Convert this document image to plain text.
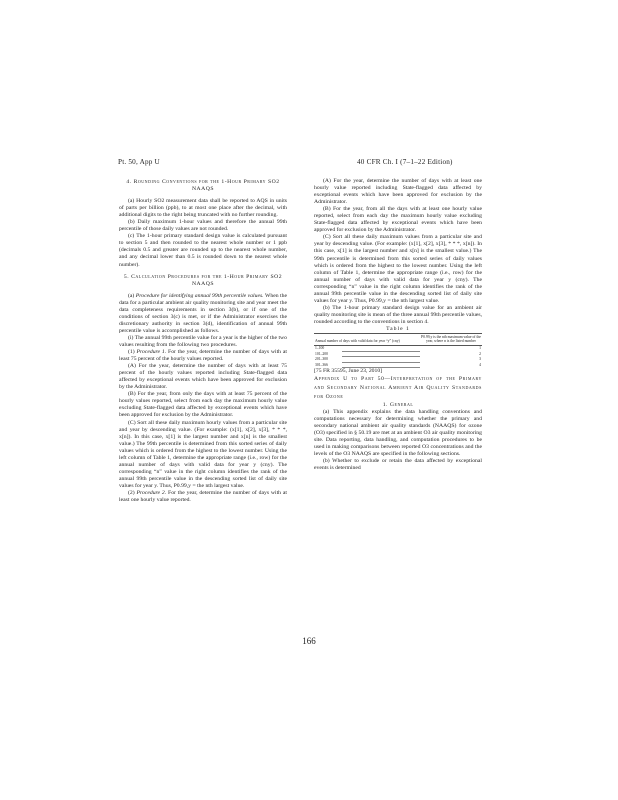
Pt. 50, App U	40 CFR Ch. I (7–1–22 Edition)

4. Rounding Conventions for the 1-Hour Primary SO2 NAAQS

(a) Hourly SO2 measurement data shall be reported to AQS in units of parts per billion (ppb), to at most one place after the decimal, with additional digits to the right being truncated with no further rounding.

(b) Daily maximum 1-hour values and therefore the annual 99th percentile of those daily values are not rounded.

(c) The 1-hour primary standard design value is calculated pursuant to section 5 and then rounded to the nearest whole number or 1 ppb (decimals 0.5 and greater are rounded up to the nearest whole number, and any decimal lower than 0.5 is rounded down to the nearest whole number).

5. Calculation Procedures for the 1-Hour Primary SO2 NAAQS

(a) Procedure for identifying annual 99th percentile values. When the data for a particular ambient air quality monitoring site and year meet the data completeness requirements in section 3(b), or if one of the conditions of section 3(c) is met, or if the Administrator exercises the discretionary authority in section 3(d), identification of annual 99th percentile value is accomplished as follows.

(i) The annual 99th percentile value for a year is the higher of the two values resulting from the following two procedures.

(1) Procedure 1. For the year, determine the number of days with at least 75 percent of the hourly values reported.

(A) For the year, determine the number of days with at least 75 percent of the hourly values reported including State-flagged data affected by exceptional events which have been approved for exclusion by the Administrator.

(B) For the year, from only the days with at least 75 percent of the hourly values reported, select from each day the maximum hourly value excluding State-flagged data affected by exceptional events which have been approved for exclusion by the Administrator.

(C) Sort all these daily maximum hourly values from a particular site and year by descending value. (For example: (x[1], x[2], x[3], * * *, x[n]). In this case, x[1] is the largest number and x[n] is the smallest value.) The 99th percentile is determined from this sorted series of daily values which is ordered from the highest to the lowest number. Using the left column of Table 1, determine the appropriate range (i.e., row) for the annual number of days with valid data for year y (cny). The corresponding “n” value in the right column identifies the rank of the annual 99th percentile value in the descending sorted list of daily site values for year y. Thus, P0.99,y = the nth largest value.

(2) Procedure 2. For the year, determine the number of days with at least one hourly value reported.

(A) For the year, determine the number of days with at least one hourly value reported including State-flagged data affected by exceptional events which have been approved for exclusion by the Administrator.

(B) For the year, from all the days with at least one hourly value reported, select from each day the maximum hourly value excluding State-flagged data affected by exceptional events which have been approved for exclusion by the Administrator.

(C) Sort all these daily maximum values from a particular site and year by descending value. (For example: (x[1], x[2], x[3], * * *, x[n]). In this case, x[1] is the largest number and x[n] is the smallest value.) The 99th percentile is determined from this sorted series of daily values which is ordered from the highest to the lowest number. Using the left column of Table 1, determine the appropriate range (i.e., row) for the annual number of days with valid data for year y (cny). The corresponding “n” value in the right column identifies the rank of the annual 99th percentile value in the descending sorted list of daily site values for year y. Thus, P0.99,y = the nth largest value.

(b) The 1-hour primary standard design value for an ambient air quality monitoring site is mean of the three annual 99th percentile values, rounded according to the conventions in section 4.

Table 1

Annual number of days with valid data for year “y” (cny)		P0.99,y is the nth maximum value of the year, where n is the listed number
1–100		1
101–200		2
201–300		3
301–366		4

[75 FR 35595, June 23, 2010]

Appendix U to Part 50—Interpretation of the Primary and Secondary National Ambient Air Quality Standards for Ozone

1. General

(a) This appendix explains the data handling conventions and computations necessary for determining whether the primary and secondary national ambient air quality standards (NAAQS) for ozone (O3) specified in § 50.19 are met at an ambient O3 air quality monitoring site. Data reporting, data handling, and computation procedures to be used in making comparisons between reported O3 concentrations and the levels of the O3 NAAQS are specified in the following sections.

(b) Whether to exclude or retain the data affected by exceptional events is determined

166
